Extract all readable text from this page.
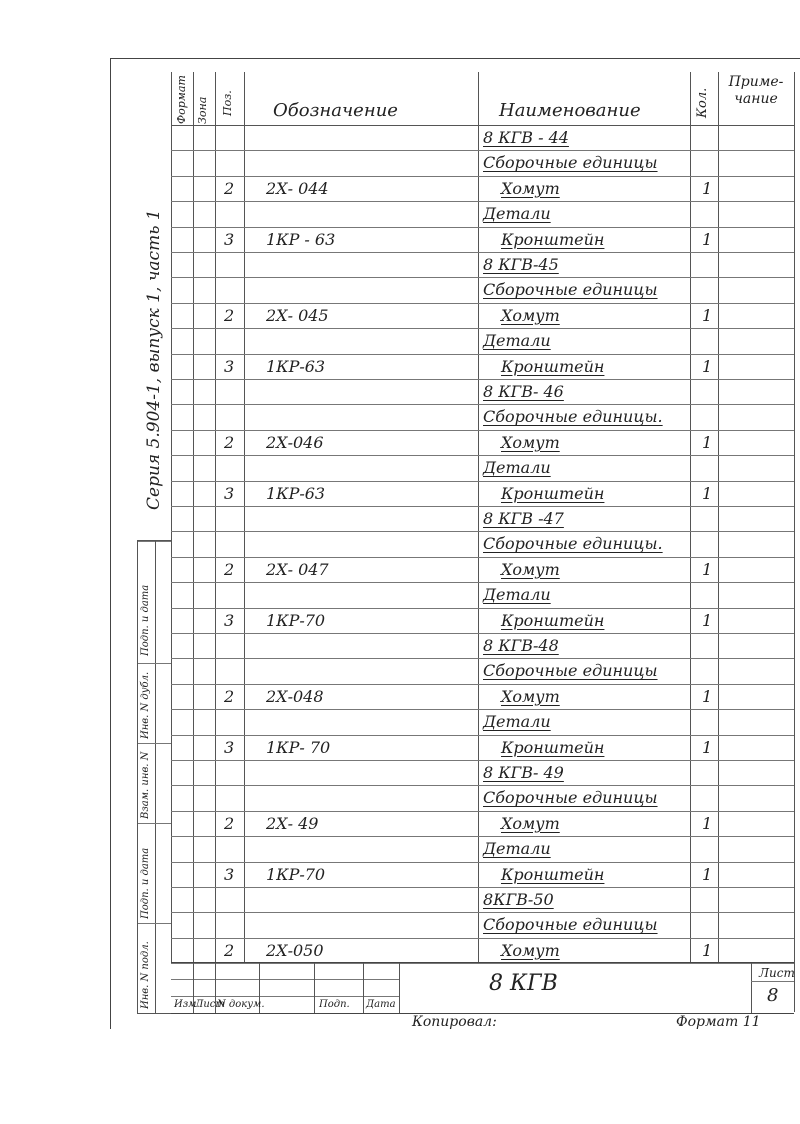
Серия 5.904-1, выпуск 1, часть 1
Подп. и дата
Инв. N дубл.
Взам. инв. N
Подп. и дата
Инв. N подл.
Формат Зона Поз. Обозначение	Наименование	Кол.
Приме-чание
8 КГВ - 44
Сборочные единицы
2 2Х- 044	Хомут	1
Детали
3 1КР - 63	Кронштейн	1
8 КГВ-45
Сборочные единицы
2 2Х- 045	Хомут	1
Детали
3 1КР-63	Кронштейн	1
8 КГВ- 46
Сборочные единицы.
2 2Х-046	Хомут	1
Детали
3 1КР-63	Кронштейн	1
8 КГВ -47
Сборочные единицы.
2 2Х- 047	Хомут	1
Детали
3 1КР-70	Кронштейн	1
8 КГВ-48
Сборочные единицы
2 2Х-048	Хомут	1
Детали
3 1КР- 70	Кронштейн	1
8 КГВ- 49
Сборочные единицы
2 2Х- 49	Хомут	1
Детали
3 1КР-70	Кронштейн	1
8КГВ-50
Сборочные единицы
2 2Х-050	Хомут	1
Изм.
Лист
N докум.	Подп. Дата
8 КГВ	Лист
8
Копировал:	Формат 11
